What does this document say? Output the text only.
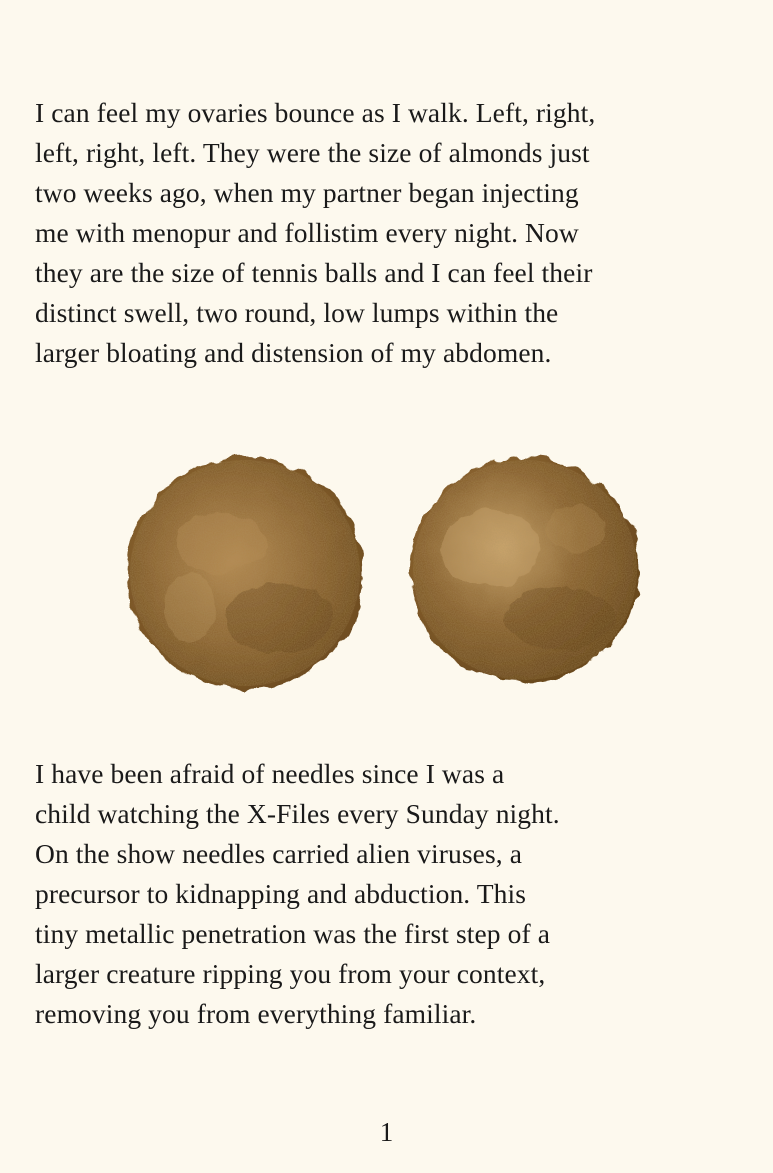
I can feel my ovaries bounce as I walk. Left, right,
left, right, left. They were the size of almonds just
two weeks ago, when my partner began injecting
me with menopur and follistim every night. Now
they are the size of tennis balls and I can feel their
distinct swell, two round, low lumps within the
larger bloating and distension of my abdomen.

I have been afraid of needles since I was a
child watching the X-Files every Sunday night.
On the show needles carried alien viruses, a
precursor to kidnapping and abduction. This
tiny metallic penetration was the first step of a
larger creature ripping you from your context,
removing you from everything familiar.

1
